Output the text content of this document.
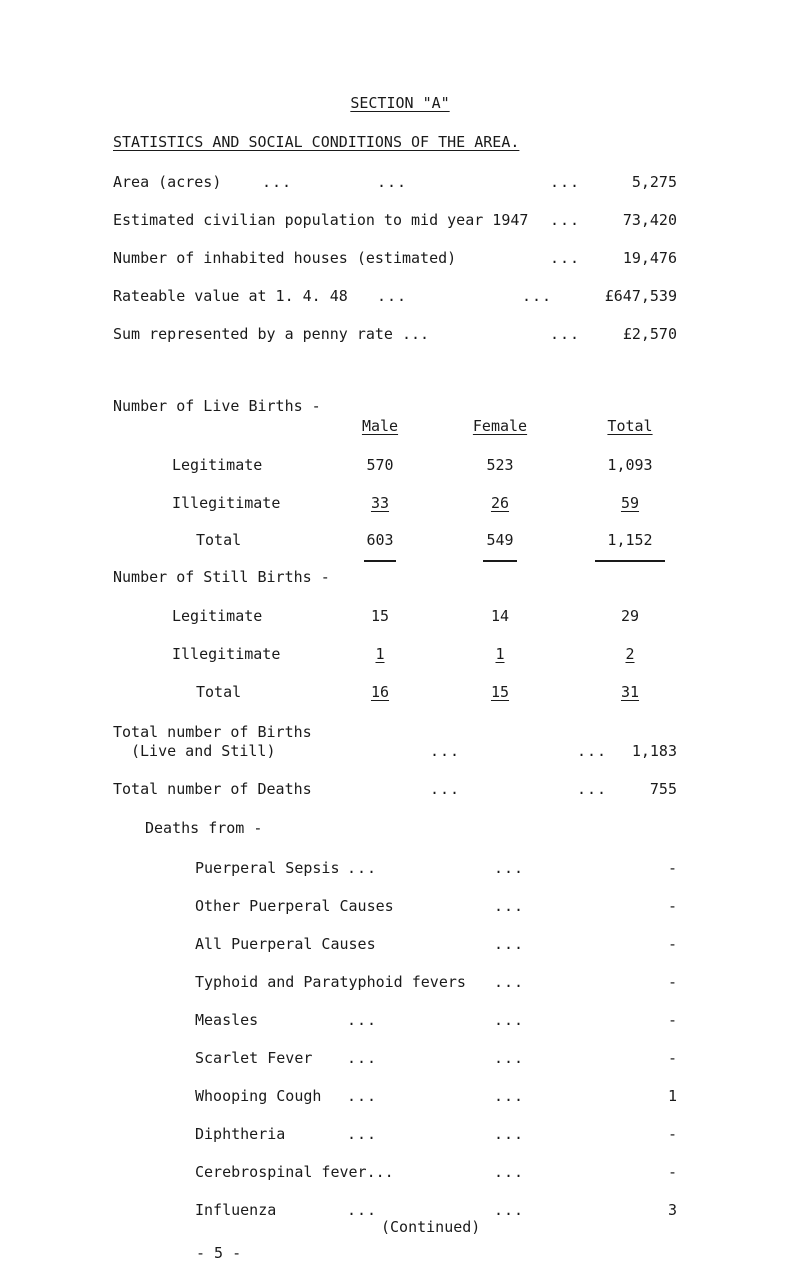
SECTION "A"
STATISTICS AND SOCIAL CONDITIONS OF THE AREA.
Area (acres)	...	...	...	5,275
Estimated civilian population to mid year 1947 ...	73,420
Number of inhabited houses (estimated)	...	19,476
Rateable value at 1. 4. 48 ...	...	£647,539
Sum represented by a penny rate ...	...	£2,570
Number of Live Births -
Male	Female	Total
Legitimate	570	523	1,093
Illegitimate	33	26	59
Total	603	549	1,152
Number of Still Births -
Legitimate	15	14	29
Illegitimate	1	1	2
Total	16	15	31
Total number of Births
(Live and Still)	...	... 1,183
Total number of Deaths	...	...	755
Deaths from -
Puerperal Sepsis ...	...	-
Other Puerperal Causes	...	-
All Puerperal Causes	...	-
Typhoid and Paratyphoid fevers ...	-
Measles	...	...	-
Scarlet Fever ...	...	-
Whooping Cough ...	...	1
Diphtheria	...	...	-
Cerebrospinal fever...	...	-
Influenza	...	...	3
(Continued)
- 5 -
